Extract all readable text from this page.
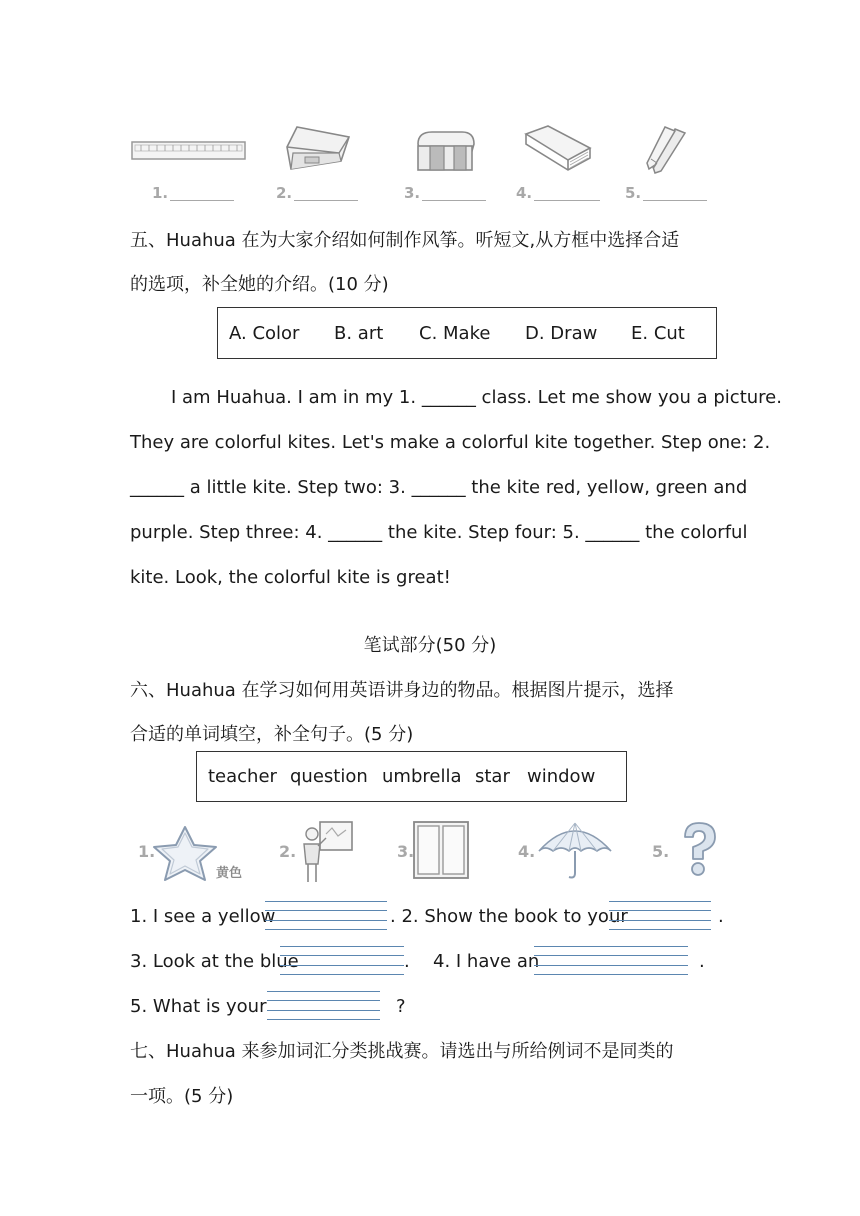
1.	2.	3.	4.	5.
五、Huahua 在为大家介绍如何制作风筝。听短文,从方框中选择合适
的选项，补全她的介绍。(10 分)
A. Color B. art C. Make D. Draw E. Cut
I am Huahua. I am in my 1. ______ class. Let me show you a picture.
They are colorful kites. Let's make a colorful kite together. Step one: 2.
______ a little kite. Step two: 3. ______ the kite red, yellow, green and
purple. Step three: 4. ______ the kite. Step four: 5. ______ the colorful
kite. Look, the colorful kite is great!
笔试部分(50 分)
六、Huahua 在学习如何用英语讲身边的物品。根据图片提示，选择
合适的单词填空，补全句子。(5 分)
teacher question umbrella star window
1.
黄色
2.	3.	4.	5.
1. I see a yellow	. 2. Show the book to your	.
3. Look at the blue	. 4. I have an	.
5. What is your	?
七、Huahua 来参加词汇分类挑战赛。请选出与所给例词不是同类的
一项。(5 分)
